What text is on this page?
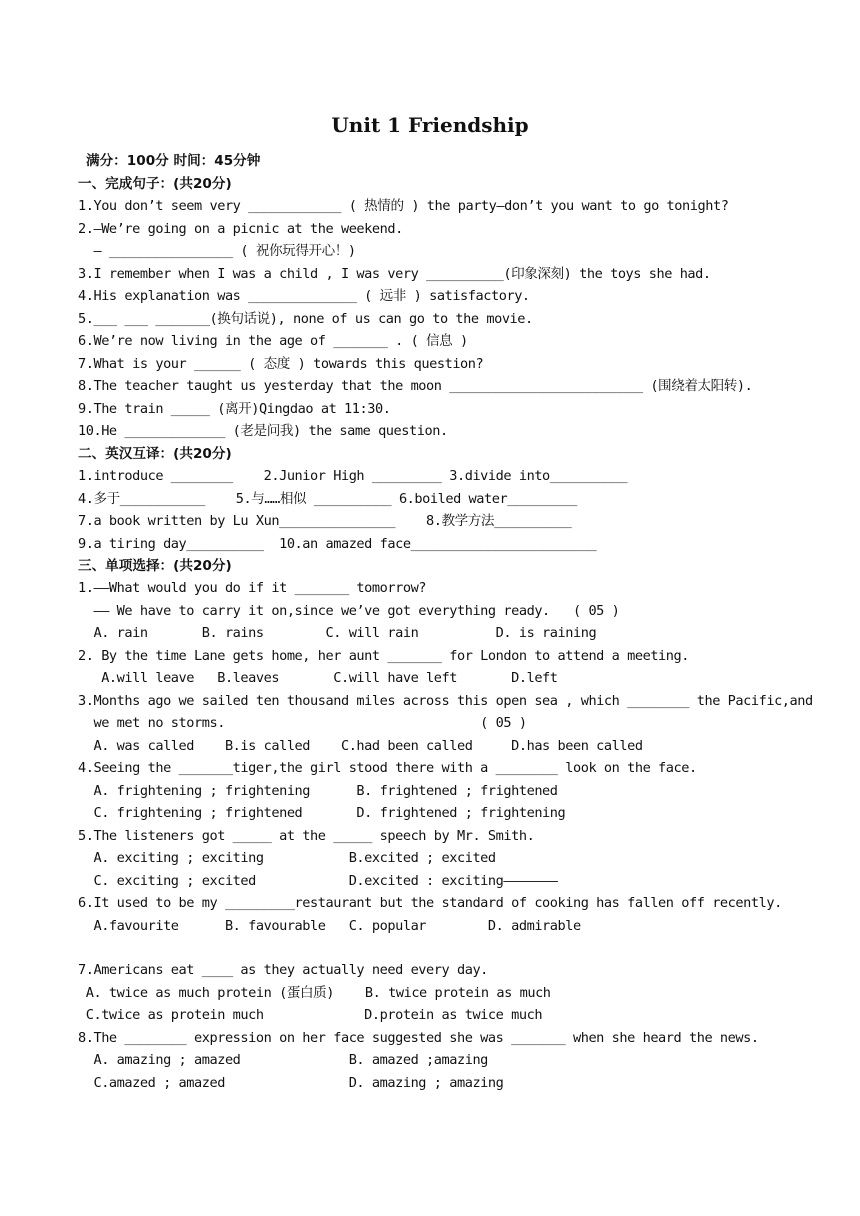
Unit 1 Friendship
满分：100分 时间：45分钟
一、完成句子：(共20分)
1.You don’t seem very ____________ ( 热情的 ) the party—don’t you want to go tonight?
2.—We’re going on a picnic at the weekend.
— ________________ ( 祝你玩得开心！)
3.I remember when I was a child , I was very __________(印象深刻) the toys she had.
4.His explanation was ______________ ( 远非 ) satisfactory.
5.___ ___ _______(换句话说), none of us can go to the movie.
6.We’re now living in the age of _______ . ( 信息 )
7.What is your ______ ( 态度 ) towards this question?
8.The teacher taught us yesterday that the moon _________________________ (围绕着太阳转).
9.The train _____ (离开)Qingdao at 11:30.
10.He _____________ (老是问我) the same question.
二、英汉互译：(共20分)
1.introduce ________    2.Junior High _________ 3.divide into__________
4.多于___________    5.与……相似 __________ 6.boiled water_________
7.a book written by Lu Xun_______________    8.教学方法__________
9.a tiring day__________  10.an amazed face________________________
三、单项选择：(共20分)
1.——What would you do if it _______ tomorrow?
—— We have to carry it on,since we’ve got everything ready.   ( 05 )
A. rain       B. rains        C. will rain          D. is raining
2. By the time Lane gets home, her aunt _______ for London to attend a meeting.
A.will leave   B.leaves       C.will have left       D.left
3.Months ago we sailed ten thousand miles across this open sea , which ________ the Pacific,and
we met no storms.                                 ( 05 )
A. was called    B.is called    C.had been called     D.has been called
4.Seeing the _______tiger,the girl stood there with a ________ look on the face.
A. frightening ; frightening      B. frightened ; frightened
C. frightening ; frightened       D. frightened ; frightening
5.The listeners got _____ at the _____ speech by Mr. Smith.
A. exciting ; exciting           B.excited ; excited
C. exciting ; excited            D.excited : exciting———————
6.It used to be my _________restaurant but the standard of cooking has fallen off recently.
A.favourite      B. favourable   C. popular        D. admirable
7.Americans eat ____ as they actually need every day.
A. twice as much protein (蛋白质)    B. twice protein as much
C.twice as protein much             D.protein as twice much
8.The ________ expression on her face suggested she was _______ when she heard the news.
A. amazing ; amazed              B. amazed ;amazing
C.amazed ; amazed                D. amazing ; amazing
